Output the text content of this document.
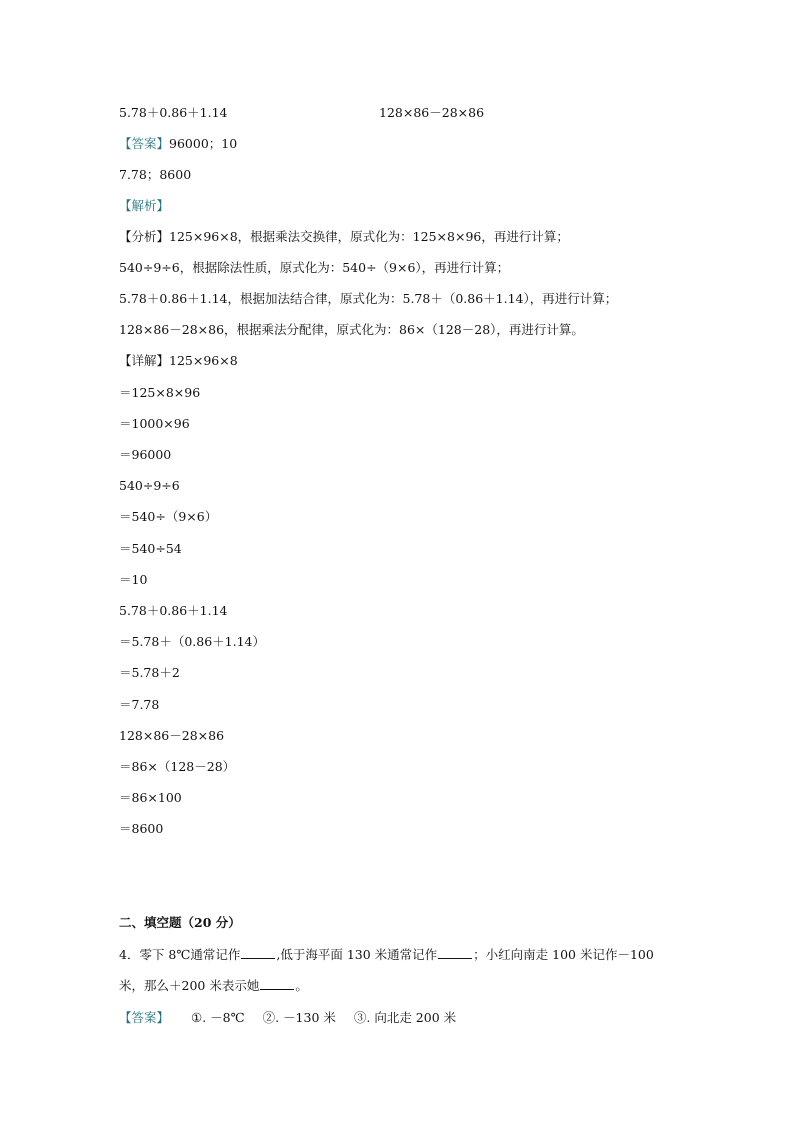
5.78＋0.86＋1.14	128×86－28×86
【答案】96000；10
7.78；8600
【解析】
【分析】125×96×8，根据乘法交换律，原式化为：125×8×96，再进行计算；
540÷9÷6，根据除法性质，原式化为：540÷（9×6），再进行计算；
5.78＋0.86＋1.14，根据加法结合律，原式化为：5.78＋（0.86＋1.14），再进行计算；
128×86－28×86，根据乘法分配律，原式化为：86×（128－28），再进行计算。
【详解】125×96×8
＝125×8×96
＝1000×96
＝96000
540÷9÷6
＝540÷（9×6）
＝540÷54
＝10
5.78＋0.86＋1.14
＝5.78＋（0.86＋1.14）
＝5.78＋2
＝7.78
128×86－28×86
＝86×（128－28）
＝86×100
＝8600
二、填空题（20 分）
4．零下 8℃通常记作	,低于海平面 130 米通常记作	；小红向南走 100 米记作－100
米，那么＋200 米表示她	。
【答案】 ①. －8℃ ②. －130 米 ③. 向北走 200 米
